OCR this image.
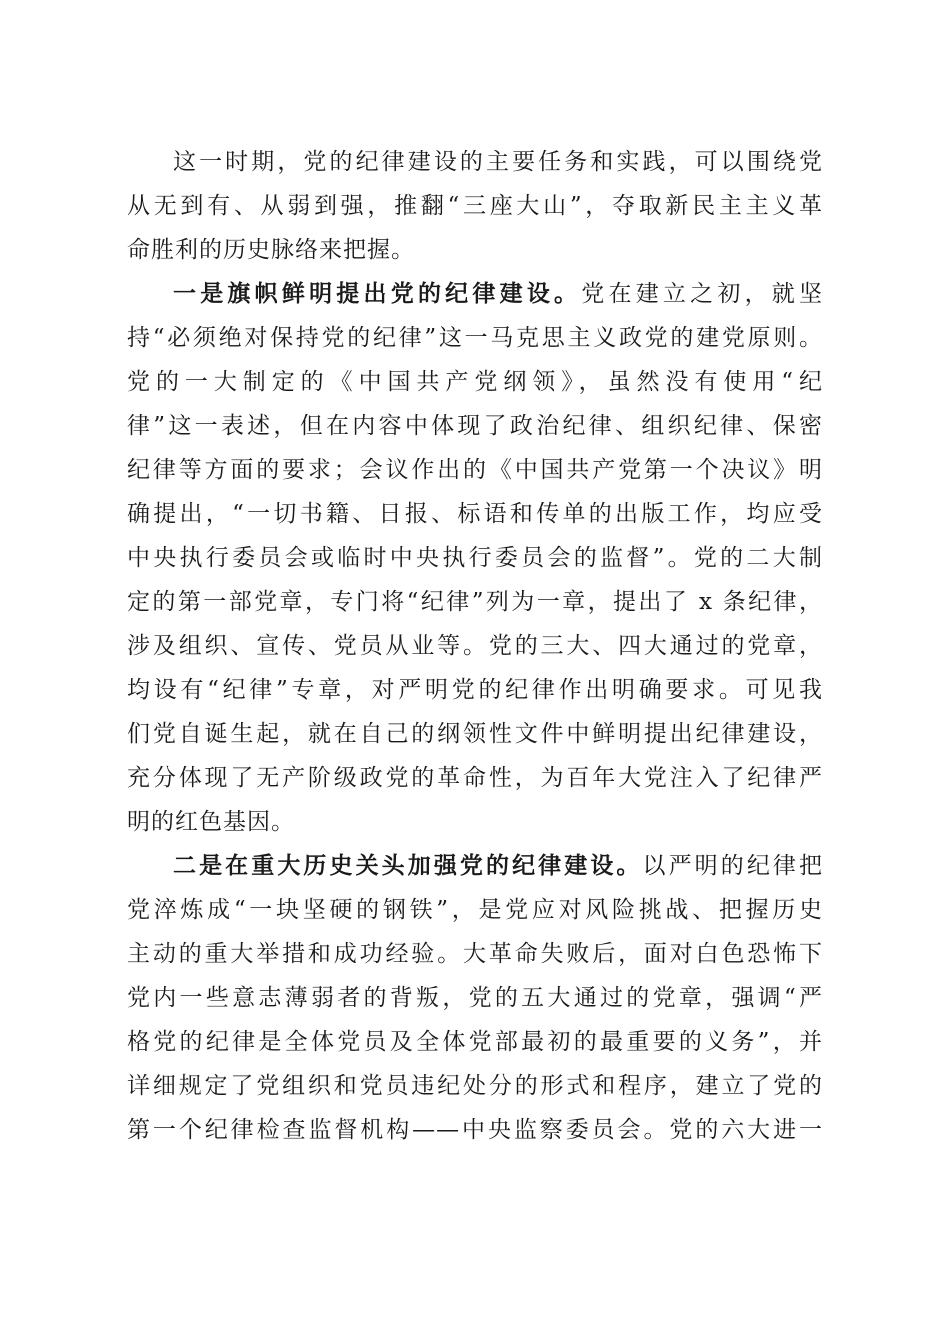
这一时期，党的纪律建设的主要任务和实践，可以围绕党
从无到有、从弱到强，推翻“三座大山”，夺取新民主主义革
命胜利的历史脉络来把握。

一是旗帜鲜明提出党的纪律建设。党在建立之初，就坚
持“必须绝对保持党的纪律”这一马克思主义政党的建党原则。
党的一大制定的《中国共产党纲领》，虽然没有使用“纪
律”这一表述，但在内容中体现了政治纪律、组织纪律、保密
纪律等方面的要求；会议作出的《中国共产党第一个决议》明
确提出，“一切书籍、日报、标语和传单的出版工作，均应受
中央执行委员会或临时中央执行委员会的监督”。党的二大制
定的第一部党章，专门将“纪律”列为一章，提出了 x 条纪律，
涉及组织、宣传、党员从业等。党的三大、四大通过的党章，
均设有“纪律”专章，对严明党的纪律作出明确要求。可见我
们党自诞生起，就在自己的纲领性文件中鲜明提出纪律建设，
充分体现了无产阶级政党的革命性，为百年大党注入了纪律严
明的红色基因。

二是在重大历史关头加强党的纪律建设。以严明的纪律把
党淬炼成“一块坚硬的钢铁”，是党应对风险挑战、把握历史
主动的重大举措和成功经验。大革命失败后，面对白色恐怖下
党内一些意志薄弱者的背叛，党的五大通过的党章，强调“严
格党的纪律是全体党员及全体党部最初的最重要的义务”，并
详细规定了党组织和党员违纪处分的形式和程序，建立了党的
第一个纪律检查监督机构——中央监察委员会。党的六大进一
